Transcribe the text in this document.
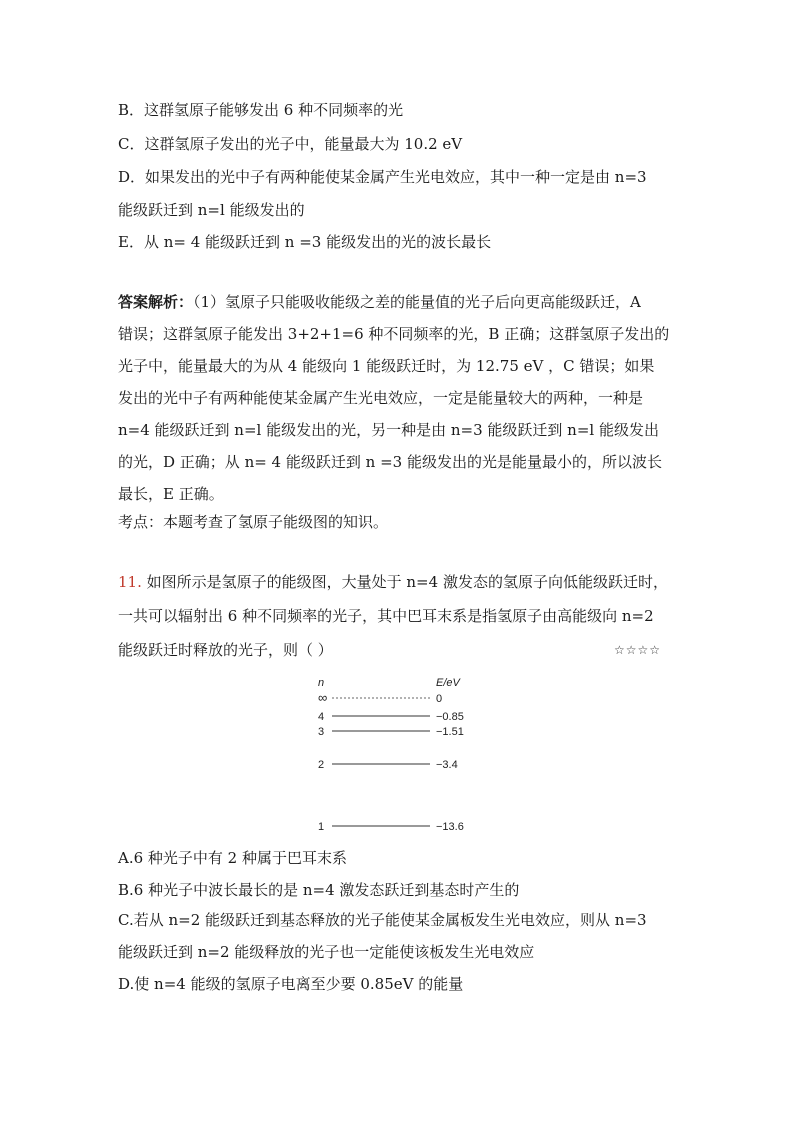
B．这群氢原子能够发出 6 种不同频率的光
C．这群氢原子发出的光子中，能量最大为 10.2 eV
D．如果发出的光中子有两种能使某金属产生光电效应，其中一种一定是由 n=3
能级跃迁到 n=l 能级发出的
E．从 n= 4 能级跃迁到 n =3 能级发出的光的波长最长
答案解析：（1）氢原子只能吸收能级之差的能量值的光子后向更高能级跃迁，A
错误；这群氢原子能发出 3+2+1=6 种不同频率的光，B 正确；这群氢原子发出的
光子中，能量最大的为从 4 能级向 1 能级跃迁时，为 12.75 eV ，C 错误；如果
发出的光中子有两种能使某金属产生光电效应，一定是能量较大的两种，一种是
n=4 能级跃迁到 n=l 能级发出的光，另一种是由 n=3 能级跃迁到 n=l 能级发出
的光，D 正确；从 n= 4 能级跃迁到 n =3 能级发出的光是能量最小的，所以波长
最长，E 正确。
考点：本题考查了氢原子能级图的知识。
11. 如图所示是氢原子的能级图，大量处于 n=4 激发态的氢原子向低能级跃迁时，
一共可以辐射出 6 种不同频率的光子，其中巴耳末系是指氢原子由高能级向 n=2
能级跃迁时释放的光子，则（ ）	☆☆☆☆
n	E/eV
∞	0
4	−0.85
3	−1.51
2	−3.4
1	−13.6
A.6 种光子中有 2 种属于巴耳末系
B.6 种光子中波长最长的是 n=4 激发态跃迁到基态时产生的
C.若从 n=2 能级跃迁到基态释放的光子能使某金属板发生光电效应，则从 n=3
能级跃迁到 n=2 能级释放的光子也一定能使该板发生光电效应
D.使 n=4 能级的氢原子电离至少要 0.85eV 的能量
